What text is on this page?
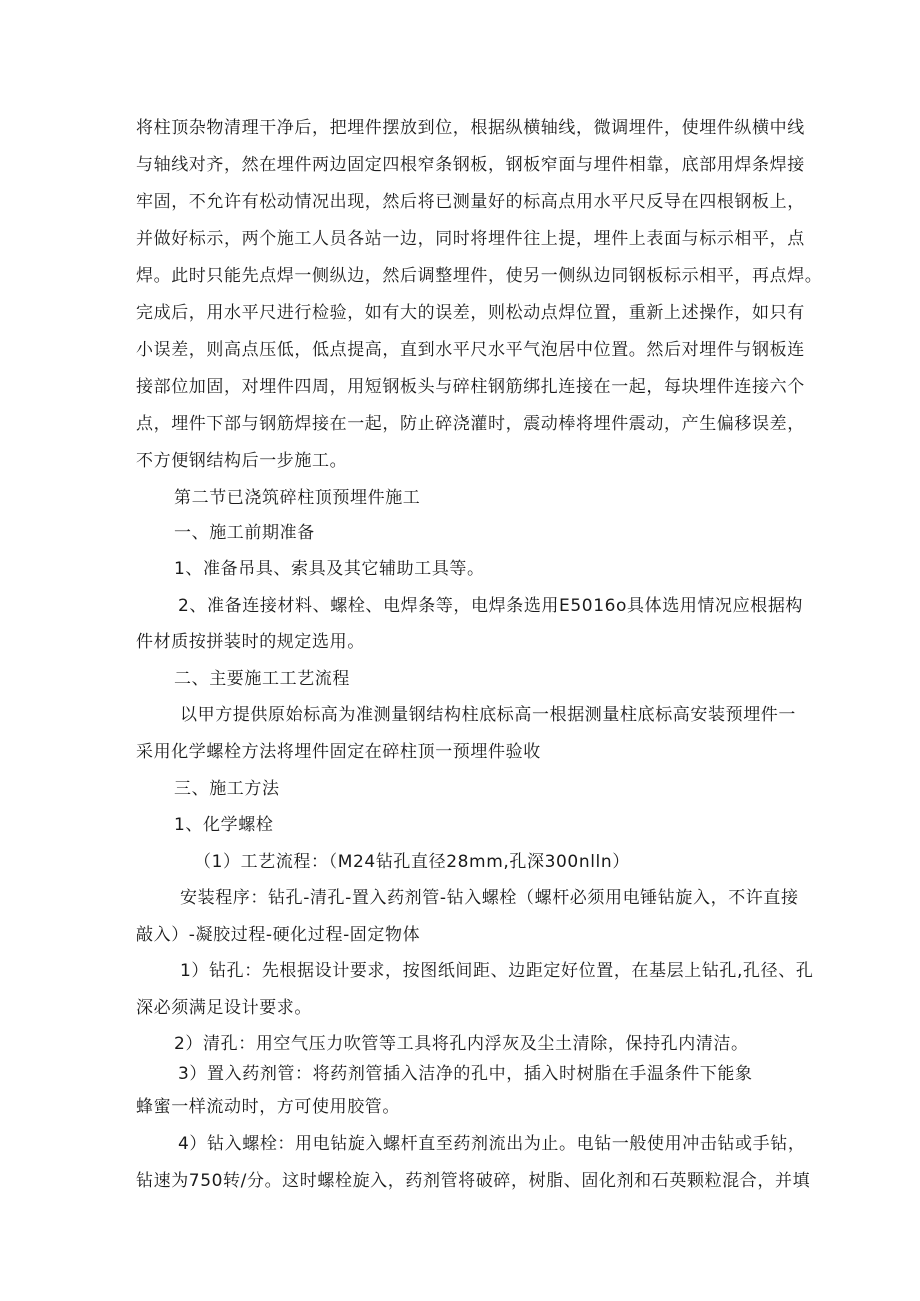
将柱顶杂物清理干净后，把埋件摆放到位，根据纵横轴线，微调埋件，使埋件纵横中线
与轴线对齐，然在埋件两边固定四根窄条钢板，钢板窄面与埋件相靠，底部用焊条焊接
牢固，不允许有松动情况出现，然后将已测量好的标高点用水平尺反导在四根钢板上，
并做好标示，两个施工人员各站一边，同时将埋件往上提，埋件上表面与标示相平，点
焊。此时只能先点焊一侧纵边，然后调整埋件，使另一侧纵边同钢板标示相平，再点焊。
完成后，用水平尺进行检验，如有大的误差，则松动点焊位置，重新上述操作，如只有
小误差，则高点压低，低点提高，直到水平尺水平气泡居中位置。然后对埋件与钢板连
接部位加固，对埋件四周，用短钢板头与碎柱钢筋绑扎连接在一起，每块埋件连接六个
点，埋件下部与钢筋焊接在一起，防止碎浇灌时，震动棒将埋件震动，产生偏移误差，
不方便钢结构后一步施工。
第二节已浇筑碎柱顶预埋件施工
一、施工前期准备
1、准备吊具、索具及其它辅助工具等。
2、准备连接材料、螺栓、电焊条等，电焊条选用E5016o具体选用情况应根据构
件材质按拼装时的规定选用。
二、主要施工工艺流程
以甲方提供原始标高为准测量钢结构柱底标高一根据测量柱底标高安装预埋件一
采用化学螺栓方法将埋件固定在碎柱顶一预埋件验收
三、施工方法
1、化学螺栓
（1）工艺流程：（M24钻孔直径28mm,孔深300nlln）
安装程序：钻孔-清孔-置入药剂管-钻入螺栓（螺杆必须用电锤钻旋入，不许直接
敲入）-凝胶过程-硬化过程-固定物体
1）钻孔：先根据设计要求，按图纸间距、边距定好位置，在基层上钻孔,孔径、孔
深必须满足设计要求。
2）清孔：用空气压力吹管等工具将孔内浮灰及尘土清除，保持孔内清洁。
3）置入药剂管：将药剂管插入洁净的孔中，插入时树脂在手温条件下能象
蜂蜜一样流动时，方可使用胶管。
4）钻入螺栓：用电钻旋入螺杆直至药剂流出为止。电钻一般使用冲击钻或手钻，
钻速为750转/分。这时螺栓旋入，药剂管将破碎，树脂、固化剂和石英颗粒混合，并填
